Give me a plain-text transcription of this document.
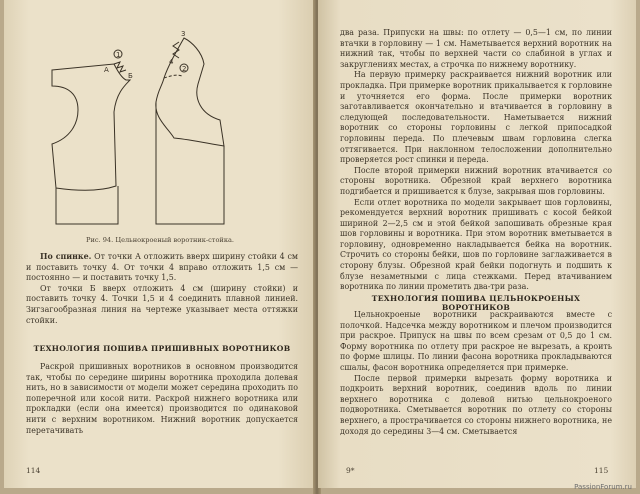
А
Б
1
3
4
2
Рис. 94. Цельнокроеный воротник-стойка.

По спинке. От точки А отложить вверх ширину стойки 4 см и поставить точку 4. От точки 4 вправо отложить 1,5 см — постоянно — и поставить точку 1,5.

От точки Б вверх отложить 4 см (ширину стойки) и поставить точку 4. Точки 1,5 и 4 соединить плавной линией. Зигзагообразная линия на чертеже указывает места оттяжки стойки.

ТЕХНОЛОГИЯ ПОШИВА ПРИШИВНЫХ ВОРОТНИКОВ

Раскрой пришивных воротников в основном производится так, чтобы по середине ширины воротника проходила долевая нить, но в зависимости от модели может середина проходить по поперечной или косой нити. Раскрой нижнего воротника или прокладки (если она имеется) производится по одинаковой нити с верхним воротником. Нижний воротник допускается перетачивать

114

два раза. Припуски на швы: по отлету — 0,5—1 см, по линии втачки в горловину — 1 см. Наметывается верхний воротник на нижний так, чтобы по верхней части со слабиной в углах и закруглениях местах, а строчка по нижнему воротнику.

На первую примерку раскраивается нижний воротник или прокладка. При примерке воротник прикалывается к горловине и уточняется его форма. После примерки воротник заготавливается окончательно и втачивается в горловину в следующей последовательности. Наметывается нижний воротник со стороны горловины с легкой припосадкой горловины переда. По плечевым швам горловина слегка оттягивается. При наклонном телосложении дополнительно проверяется рост спинки и переда.

После второй примерки нижний воротник втачивается со стороны воротника. Обрезной край верхнего воротника подгибается и пришивается к блузе, закрывая шов горловины.

Если отлет воротника по модели закрывает шов горловины, рекомендуется верхний воротник пришивать с косой бейкой шириной 2—2,5 см и этой бейкой запошивать обрезные края шов горловины и воротника. При этом воротник вметывается в горловину, одновременно накладывается бейка на воротник. Строчить со стороны бейки, шов по горловине заглаживается в сторону блузы. Обрезной край бейки подогнуть и подшить к блузе незаметными с лица стежками. Перед втачиванием воротника по линии прометить два-три раза.

ТЕХНОЛОГИЯ ПОШИВА ЦЕЛЬНОКРОЕНЫХ ВОРОТНИКОВ

Цельнокроеные воротники раскраиваются вместе с полочкой. Надсечка между воротником и плечом производится при раскрое. Припуск на швы по всем срезам от 0,5 до 1 см. Форму воротника по отлету при раскрое не вырезать, а кроить по форме шлицы. По линии фасона воротника прокладываются сшалы, фасон воротника определяется при примерке.

После первой примерки вырезать форму воротника и подкроить верхний воротник, соединив вдоль по линии верхнего воротника с долевой нитью цельнокроеного подворотника. Сметывается воротник по отлету со стороны верхнего, а прострачивается со стороны нижнего воротника, не доходя до середины 3—4 см. Сметывается

9*	115
PassionForum.ru
